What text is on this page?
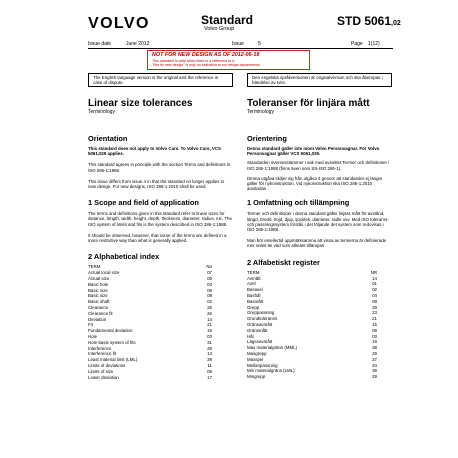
VOLVO	Standard
Volvo Group
STD 5061,02
Issue date	June 2012	Issue	5	Page 1(12)
NOT FOR NEW DESIGN AS OF 2012-06-18
This standard is valid when there is a reference to it.
"Not for new design" is only an indication to our design departments.
The English language version is the original and the reference in case of dispute.
Den engelska språkversionen är originalversion och ska åberopas i händelse av tvist.
Linear size tolerances
Terminology
Orientation
This standard does not apply to Volvo Cars. To Volvo Cars, VCS 5061,029 applies.
This standard agrees in principle with the section Terms and definitions in ISO 286-1:1988.
This issue differs from issue 4 in that the standard no longer applies to new design. For new designs, ISO 286-1:2010 shall be used.
1 Scope and field of application
The terms and definitions given in this standard refer to linear sizes for distance, length, width, height, depth, thickness, diameter, radius, etc. The ISO system of limits and fits is the system described in ISO 286-1:1988.
It should be observed, however, that some of the terms are defined in a more restrictive way than what is generally applied.
2 Alphabetical index
TERM	No
Actual local size	07
Actual size	06
Basic hole	04
Basic size	08
Basic size	08
Basic shaft	02
Clearance	25
Clearance fit	26
Deviation	14
Fit	21
Fundamental deviation	19
Hole	03
Hole-basis system of fits	31
Interference	28
Interference fit	13
Least material limit (LML)	39
Limits of deviations	11
Limits of size	09
Lower deviation	17
Toleranser för linjära mått
Terminology
Orientering
Denna standard gäller inte inom Volvo Personvagnar. För Volvo Personvagnar gäller VCS 5061,029.
Standarden överensstämmer i sak med avsnittet Termer och definitioner i ISO 286-1:1988 (finns även som SS-ISO 286-1).
Denna utgåva skiljer sig från utgåva 4 genom att standarden ej längre gäller för nykonstruktion. Vid nykonstruktion ska ISO 286-1:2010 användas.
1 Omfattning och tillämpning
Termer och definitioner i denna standard gäller linjära mått för avstånd, längd, bredd, höjd, djup, tjocklek, diameter, radie osv. Med ISO toleransr- och passningssystem förstås i det följande det system som redovisas i ISO 286-1:1988.
Man bör emellertid uppmärksamma att vissa av termerna är definierade mer snävt än vad som allmänt tillämpas.
2 Alfabetiskt register
TERM	NR
Avmått	14
Axel	01
Basaxel	02
Bashål	04
Basmått	08
Grepp	28
Greppassning	23
Grundtoleranns	21
Gränsavmått	15
Gränsmått	09
Hål	03
Lägesavmått	19
Max materialgräns (MML)	38
Maxgrepp	29
Maxspel	27
Mellanpassning	34
Min materialgräns (LML)	39
Mingrepp	29
